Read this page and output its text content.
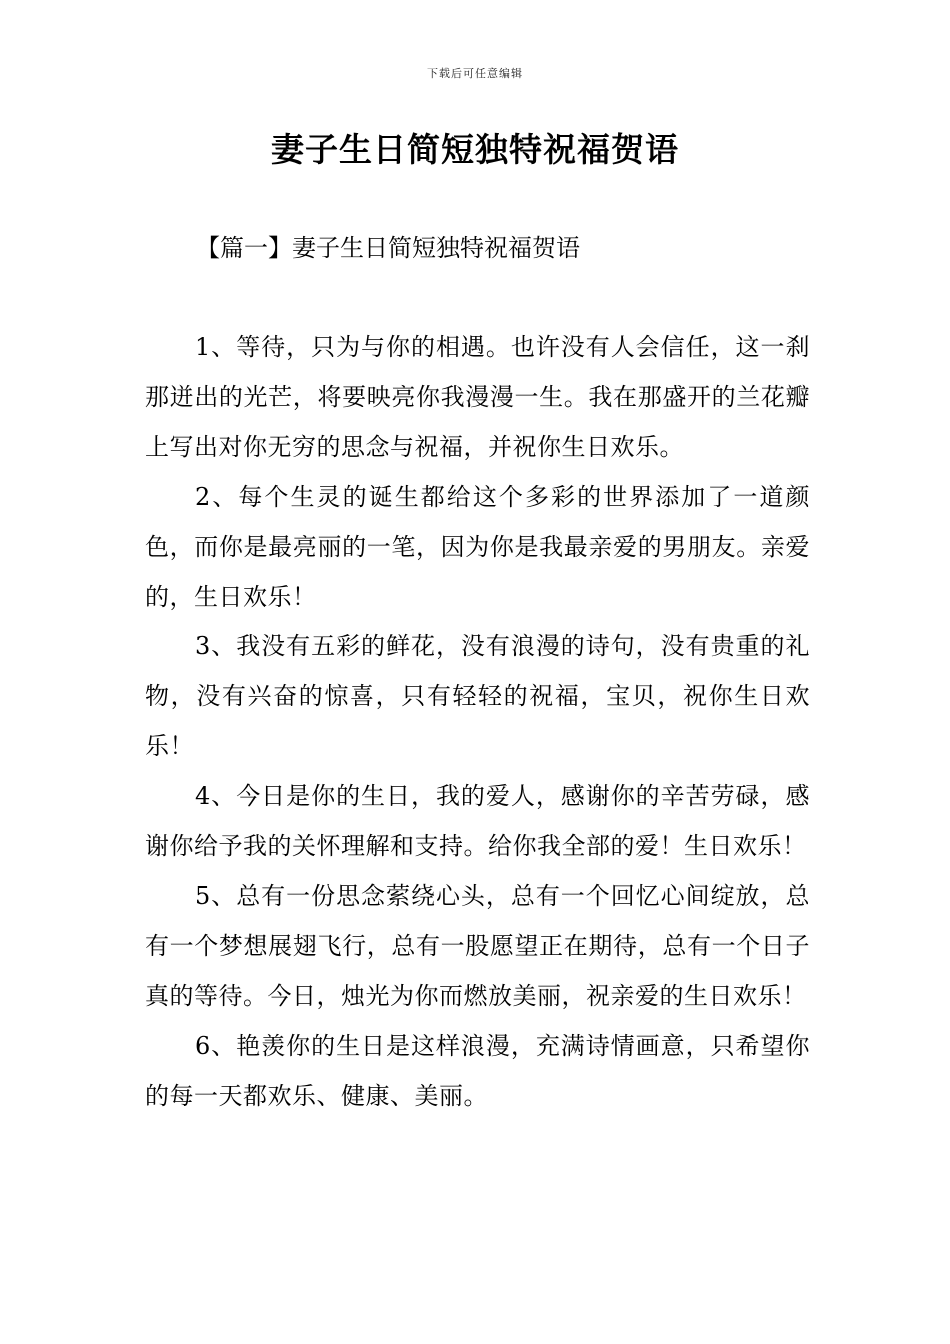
下载后可任意编辑
妻子生日简短独特祝福贺语
【篇一】妻子生日简短独特祝福贺语

1、等待，只为与你的相遇。也许没有人会信任，这一刹那迸出的光芒，将要映亮你我漫漫一生。我在那盛开的兰花瓣上写出对你无穷的思念与祝福，并祝你生日欢乐。

2、每个生灵的诞生都给这个多彩的世界添加了一道颜色，而你是最亮丽的一笔，因为你是我最亲爱的男朋友。亲爱的，生日欢乐！

3、我没有五彩的鲜花，没有浪漫的诗句，没有贵重的礼物，没有兴奋的惊喜，只有轻轻的祝福，宝贝，祝你生日欢乐！

4、今日是你的生日，我的爱人，感谢你的辛苦劳碌，感谢你给予我的关怀理解和支持。给你我全部的爱！生日欢乐！

5、总有一份思念萦绕心头，总有一个回忆心间绽放，总有一个梦想展翅飞行，总有一股愿望正在期待，总有一个日子真的等待。今日，烛光为你而燃放美丽，祝亲爱的生日欢乐！

6、艳羡你的生日是这样浪漫，充满诗情画意，只希望你的每一天都欢乐、健康、美丽。
